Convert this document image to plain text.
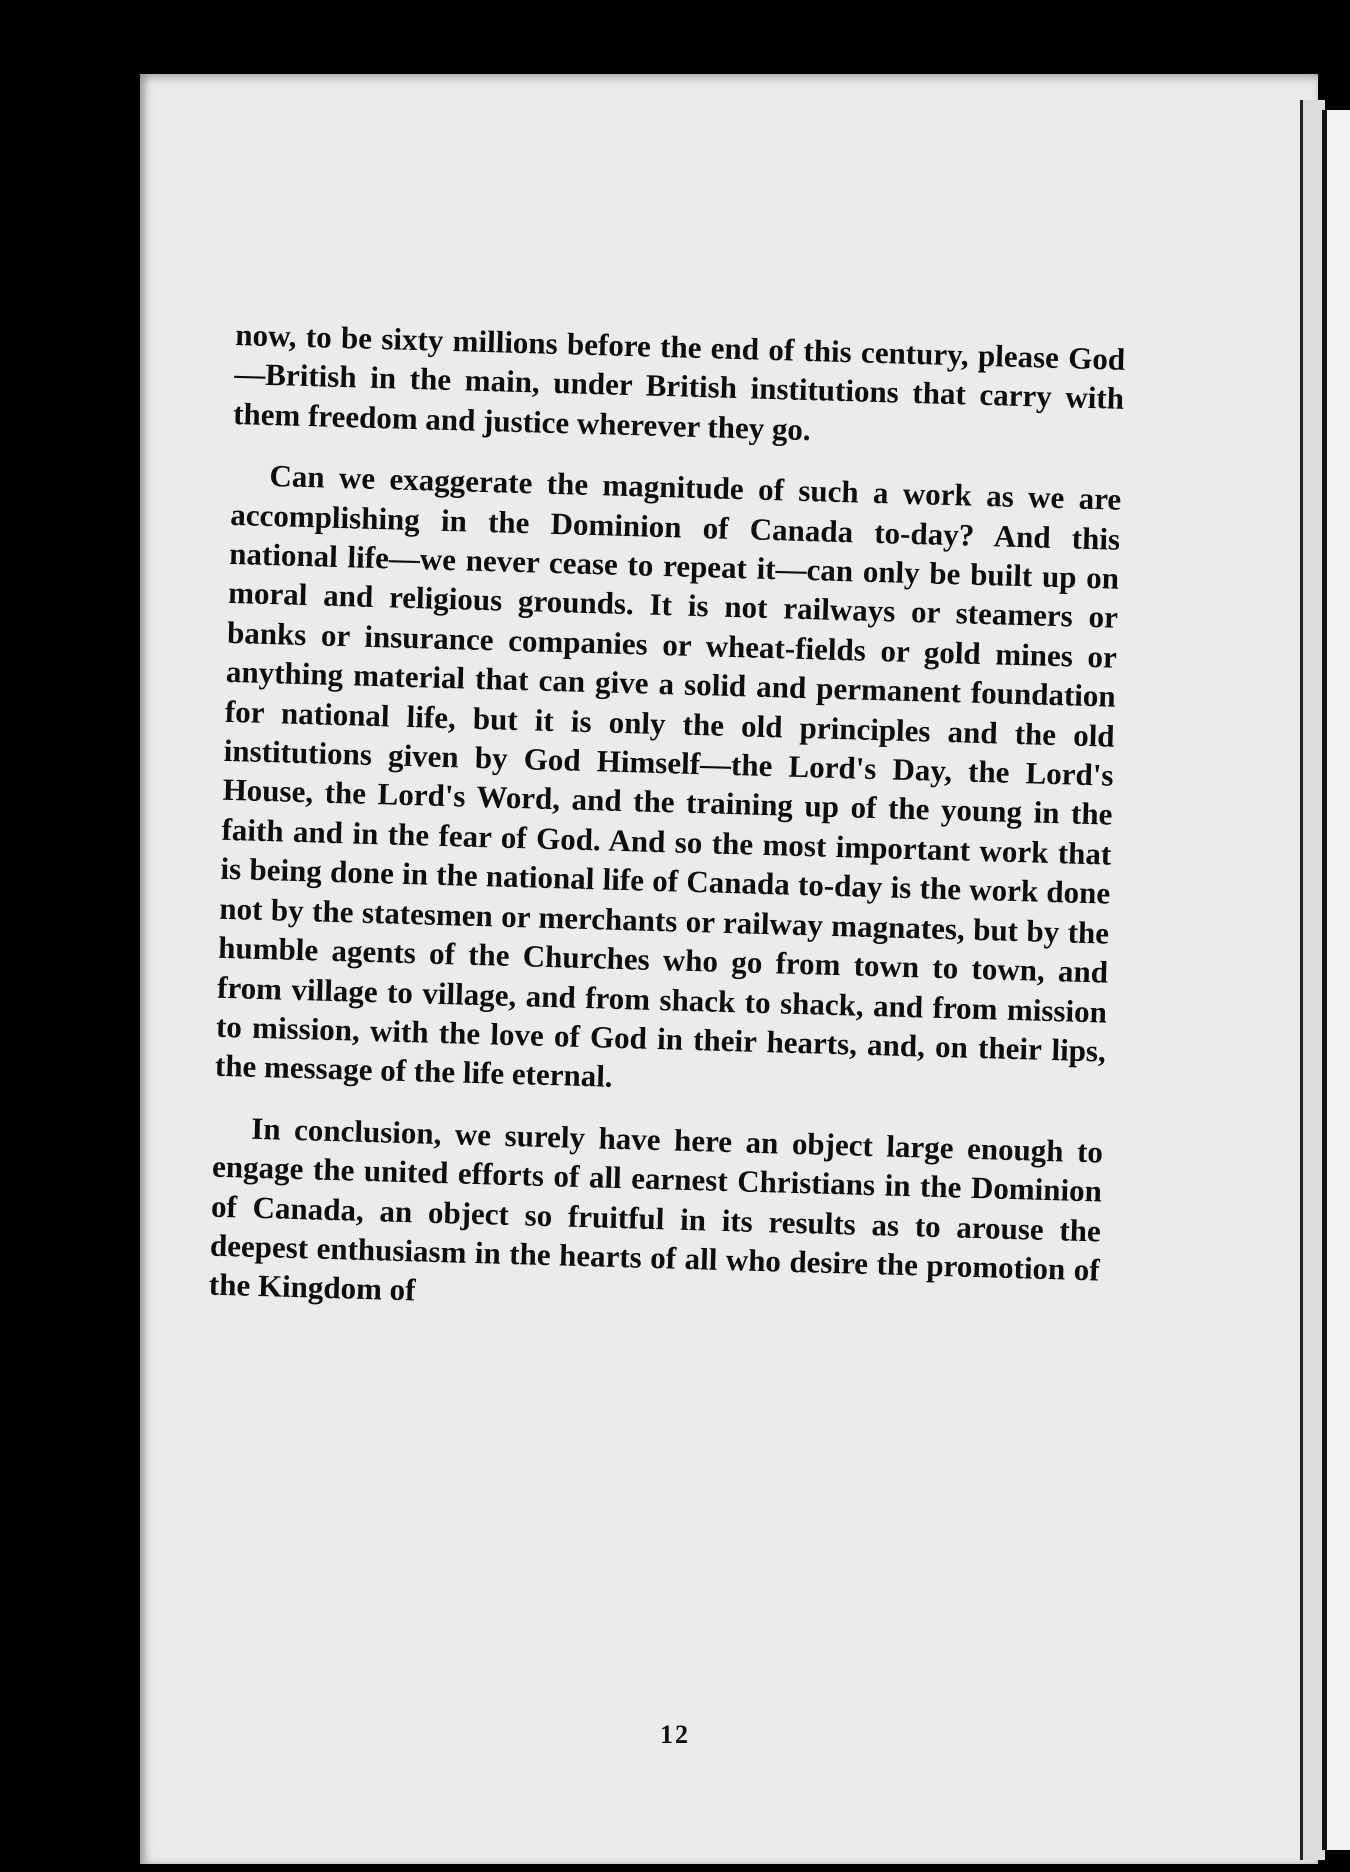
now, to be sixty millions before the end of this century, please God—British in the main, under British institutions that carry with them freedom and justice wherever they go.

Can we exaggerate the magnitude of such a work as we are accomplishing in the Dominion of Canada to-day? And this national life—we never cease to repeat it—can only be built up on moral and religious grounds. It is not railways or steamers or banks or insurance companies or wheat-fields or gold mines or anything material that can give a solid and permanent foundation for national life, but it is only the old principles and the old institutions given by God Himself—the Lord's Day, the Lord's House, the Lord's Word, and the training up of the young in the faith and in the fear of God. And so the most important work that is being done in the national life of Canada to-day is the work done not by the statesmen or merchants or railway magnates, but by the humble agents of the Churches who go from town to town, and from village to village, and from shack to shack, and from mission to mission, with the love of God in their hearts, and, on their lips, the message of the life eternal.

In conclusion, we surely have here an object large enough to engage the united efforts of all earnest Christians in the Dominion of Canada, an object so fruitful in its results as to arouse the deepest enthusiasm in the hearts of all who desire the promotion of the Kingdom of

12
